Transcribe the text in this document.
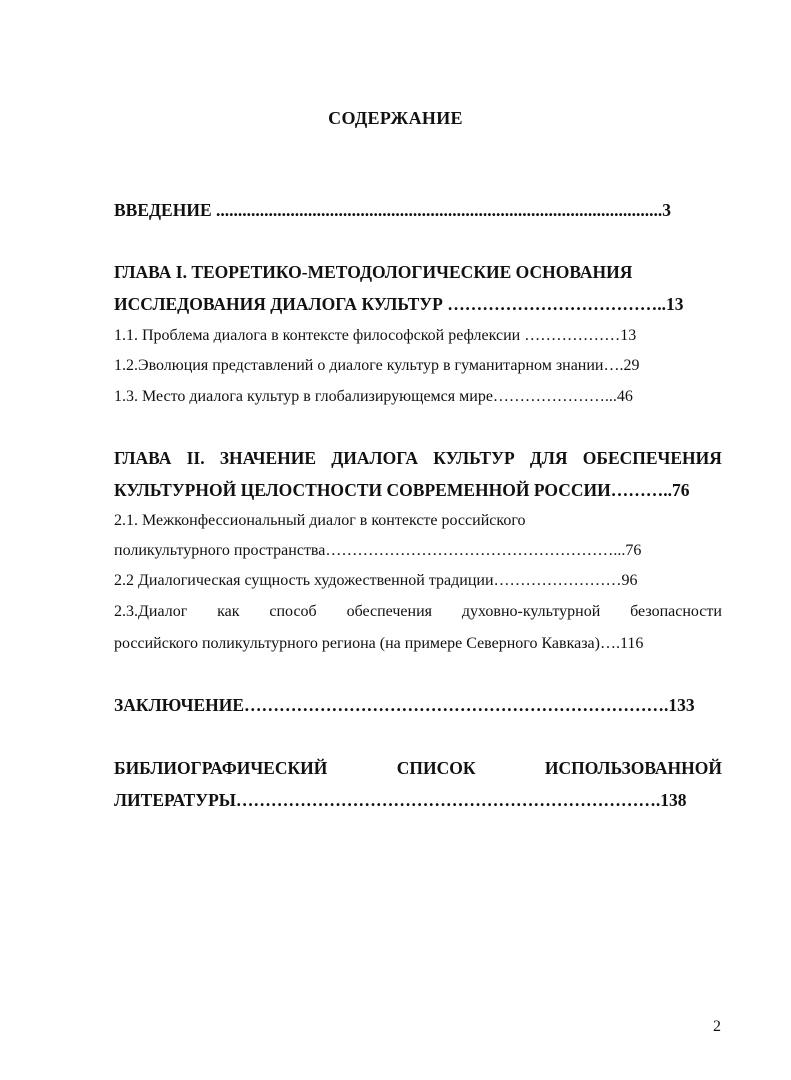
СОДЕРЖАНИЕ
ВВЕДЕНИЕ ......................................................................................................3
ГЛАВА I. ТЕОРЕТИКО-МЕТОДОЛОГИЧЕСКИЕ ОСНОВАНИЯ
ИССЛЕДОВАНИЯ ДИАЛОГА КУЛЬТУР ………………………………..13
1.1. Проблема диалога в контексте философской рефлексии ………………13
1.2.Эволюция представлений о диалоге культур в гуманитарном знании….29
1.3. Место диалога культур в глобализирующемся мире…………………...46
ГЛАВА II. ЗНАЧЕНИЕ ДИАЛОГА КУЛЬТУР ДЛЯ ОБЕСПЕЧЕНИЯ
КУЛЬТУРНОЙ ЦЕЛОСТНОСТИ СОВРЕМЕННОЙ РОССИИ………..76
2.1. Межконфессиональный диалог в контексте российского
поликультурного пространства………………………………………………...76
2.2 Диалогическая сущность художественной традиции……………………96
2.3.Диалог как способ обеспечения духовно-культурной безопасности
российского поликультурного региона (на примере Северного Кавказа)….116
ЗАКЛЮЧЕНИЕ……………………………………………………………….133
БИБЛИОГРАФИЧЕСКИЙ	СПИСОК	ИСПОЛЬЗОВАННОЙ
ЛИТЕРАТУРЫ……………………………………………………………….138
2
